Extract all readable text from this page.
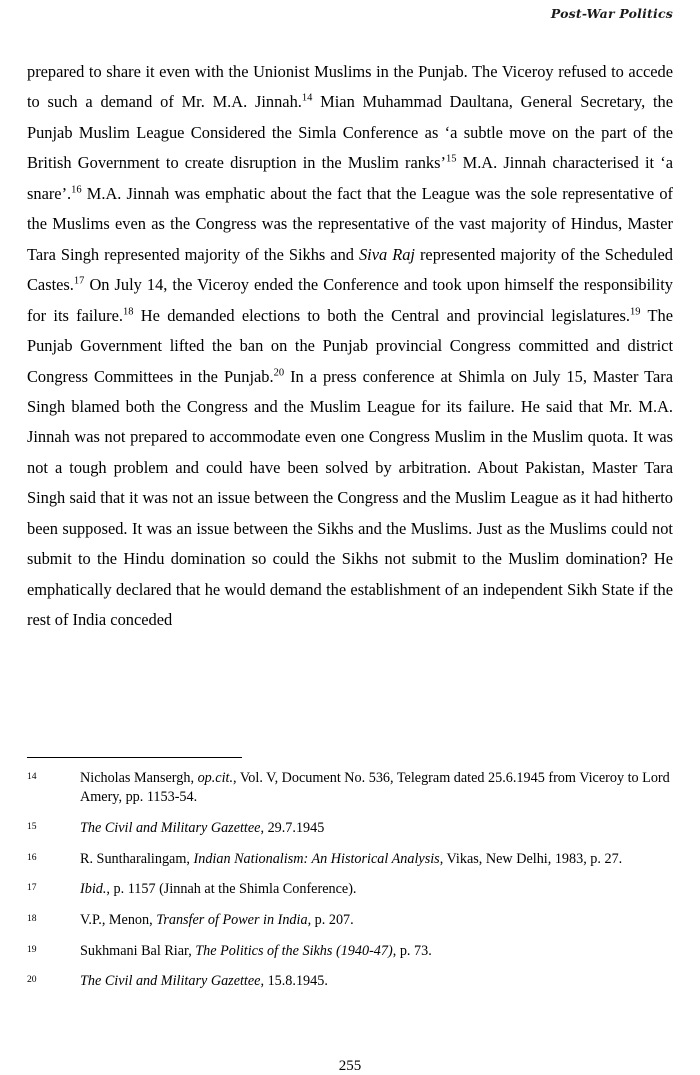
Post-War Politics

prepared to share it even with the Unionist Muslims in the Punjab. The Viceroy refused to accede to such a demand of Mr. M.A. Jinnah.$^{14}$ Mian Muhammad Daultana, General Secretary, the Punjab Muslim League Considered the Simla Conference as ‘a subtle move on the part of the British Government to create disruption in the Muslim ranks’$^{15}$ M.A. Jinnah characterised it ‘a snare’.$^{16}$ M.A. Jinnah was emphatic about the fact that the League was the sole representative of the Muslims even as the Congress was the representative of the vast majority of Hindus, Master Tara Singh represented majority of the Sikhs and Siva Raj represented majority of the Scheduled Castes.$^{17}$ On July 14, the Viceroy ended the Conference and took upon himself the responsibility for its failure.$^{18}$ He demanded elections to both the Central and provincial legislatures.$^{19}$ The Punjab Government lifted the ban on the Punjab provincial Congress committed and district Congress Committees in the Punjab.$^{20}$ In a press conference at Shimla on July 15, Master Tara Singh blamed both the Congress and the Muslim League for its failure. He said that Mr. M.A. Jinnah was not prepared to accommodate even one Congress Muslim in the Muslim quota. It was not a tough problem and could have been solved by arbitration. About Pakistan, Master Tara Singh said that it was not an issue between the Congress and the Muslim League as it had hitherto been supposed. It was an issue between the Sikhs and the Muslims. Just as the Muslims could not submit to the Hindu domination so could the Sikhs not submit to the Muslim domination? He emphatically declared that he would demand the establishment of an independent Sikh State if the rest of India conceded

14	Nicholas Mansergh, op.cit., Vol. V, Document No. 536, Telegram dated 25.6.1945 from Viceroy to Lord Amery, pp. 1153-54.
15	The Civil and Military Gazettee, 29.7.1945
16	R. Suntharalingam, Indian Nationalism: An Historical Analysis, Vikas, New Delhi, 1983, p. 27.
17	Ibid., p. 1157 (Jinnah at the Shimla Conference).
18	V.P., Menon, Transfer of Power in India, p. 207.
19	Sukhmani Bal Riar, The Politics of the Sikhs (1940-47), p. 73.
20	The Civil and Military Gazettee, 15.8.1945.
255
